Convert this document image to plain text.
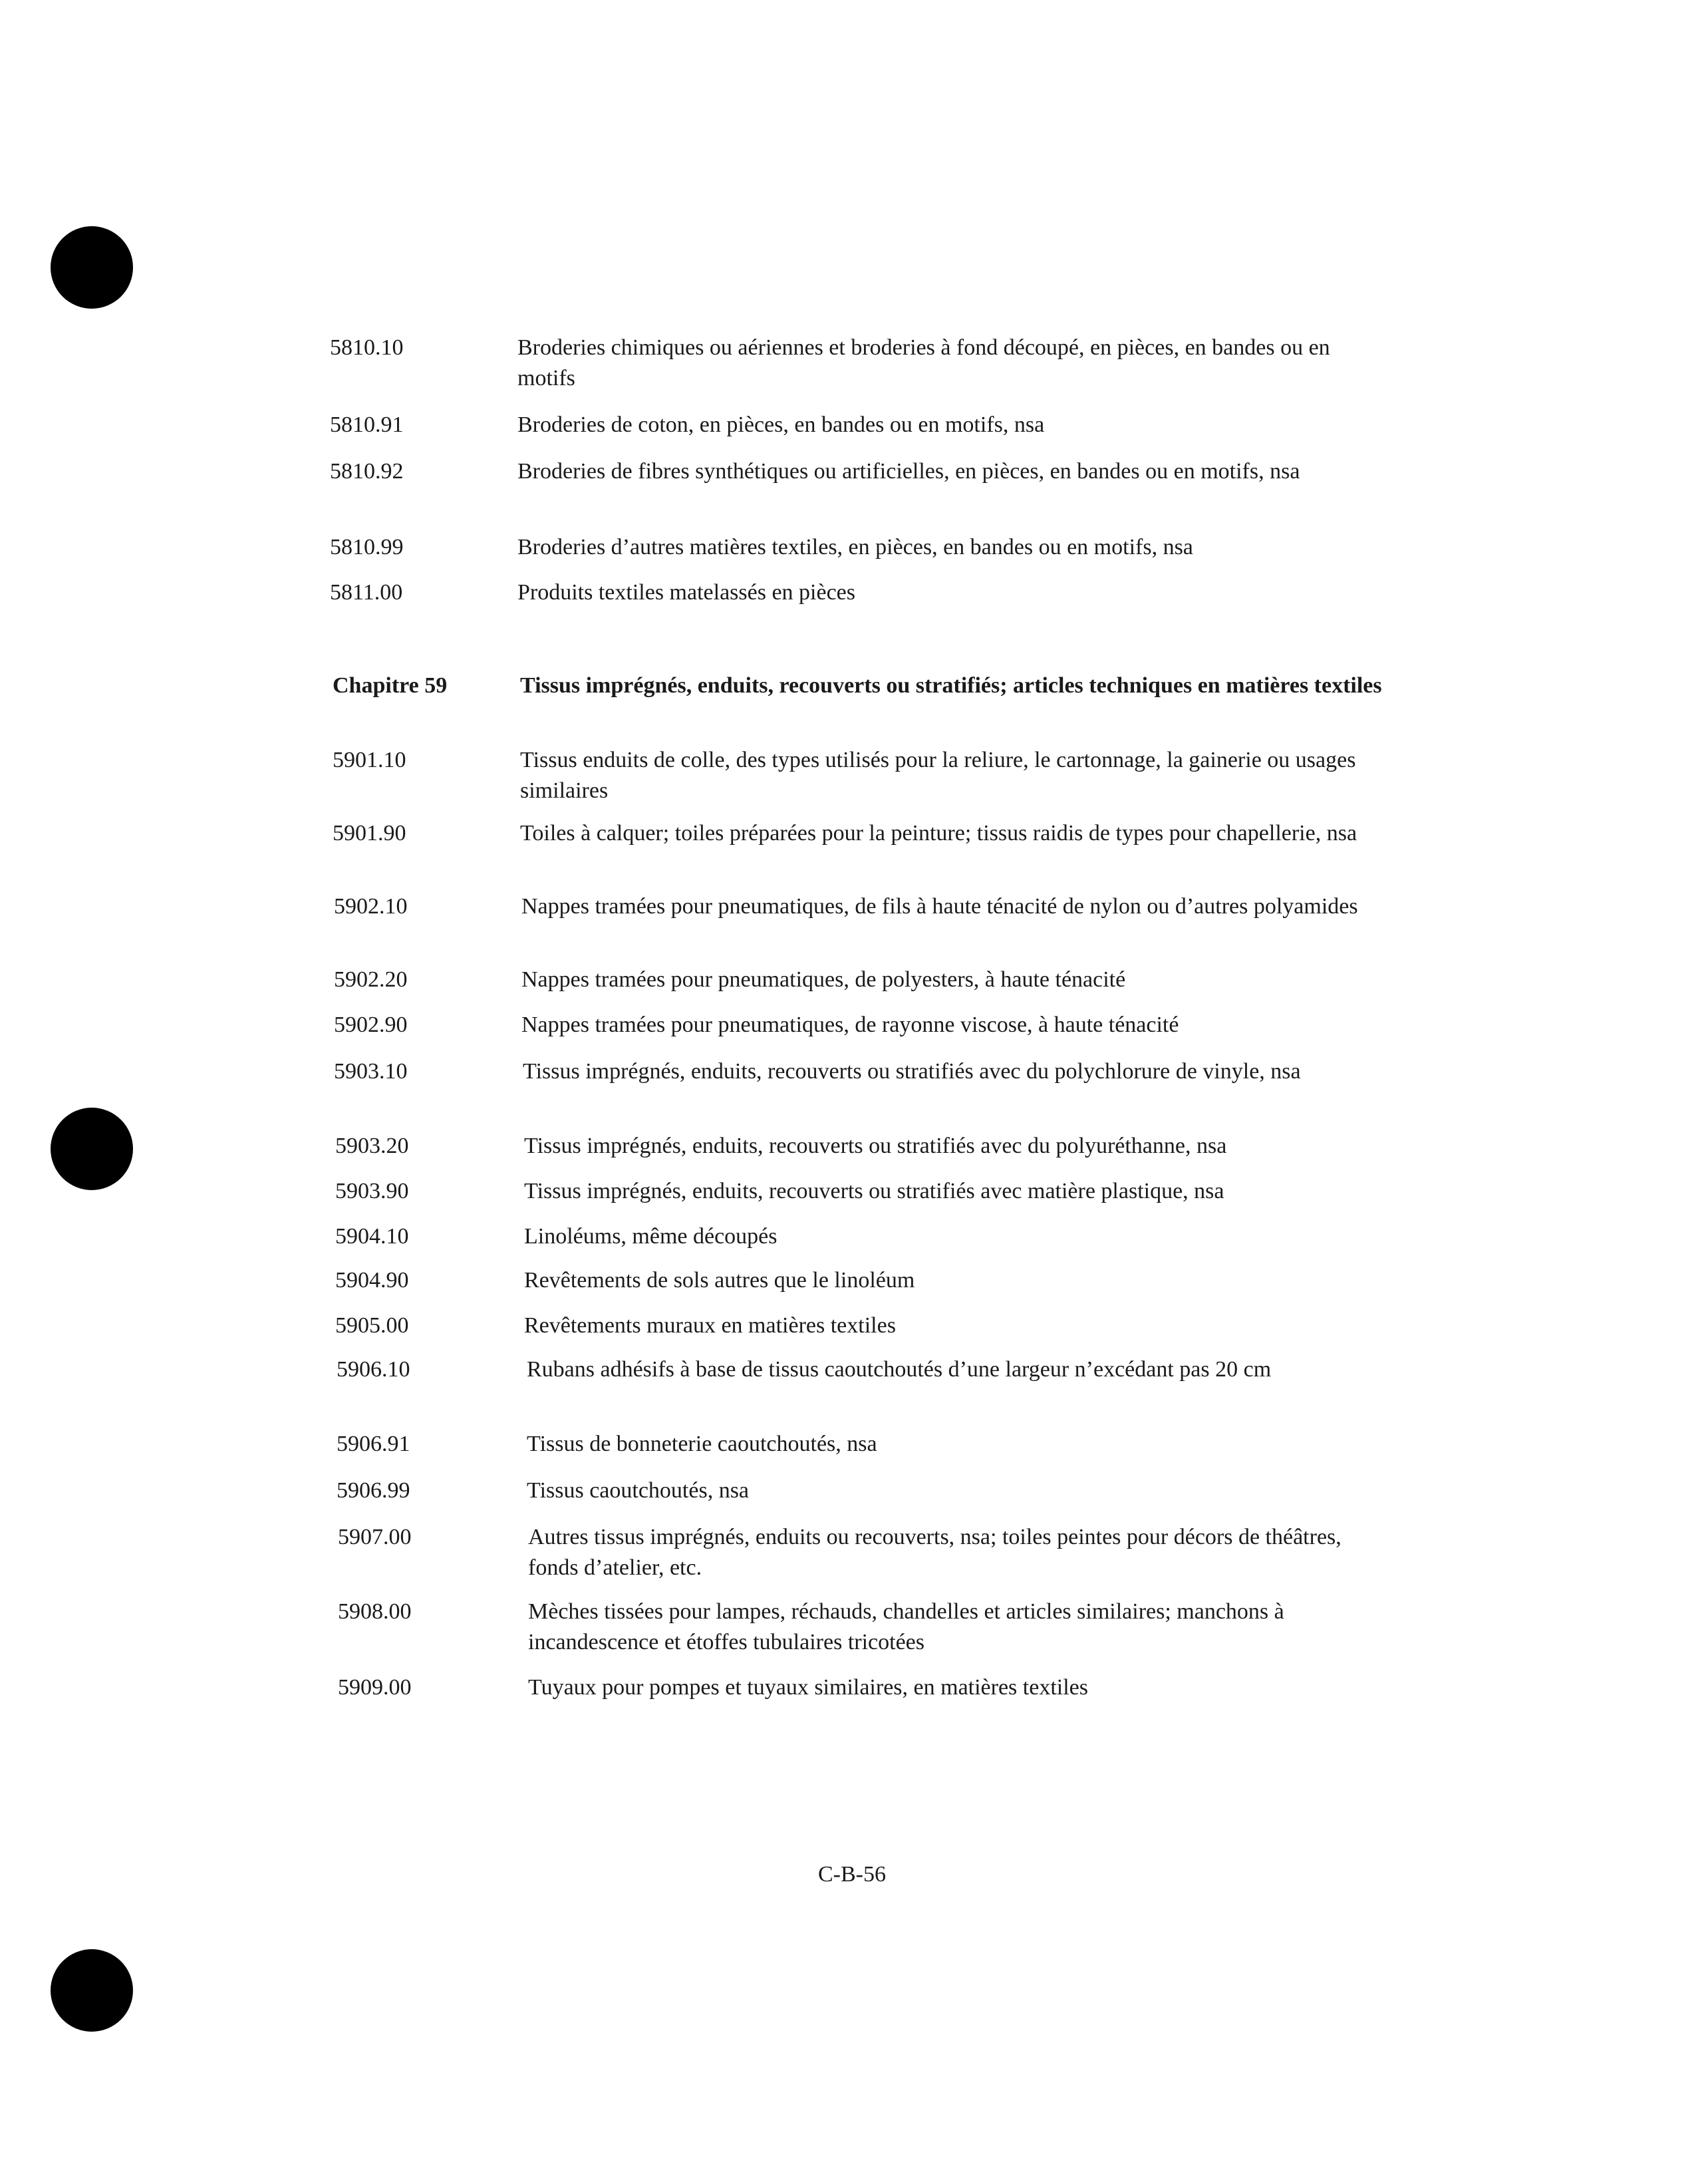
5810.10	Broderies chimiques ou aériennes et broderies à fond découpé, en pièces, en bandes ou en motifs
5810.91	Broderies de coton, en pièces, en bandes ou en motifs, nsa
5810.92	Broderies de fibres synthétiques ou artificielles, en pièces, en bandes ou en motifs, nsa
5810.99	Broderies d’autres matières textiles, en pièces, en bandes ou en motifs, nsa
5811.00	Produits textiles matelassés en pièces
Chapitre 59	Tissus imprégnés, enduits, recouverts ou stratifiés; articles techniques en matières textiles
5901.10	Tissus enduits de colle, des types utilisés pour la reliure, le cartonnage, la gainerie ou usages similaires
5901.90	Toiles à calquer; toiles préparées pour la peinture; tissus raidis de types pour chapellerie, nsa
5902.10	Nappes tramées pour pneumatiques, de fils à haute ténacité de nylon ou d’autres polyamides
5902.20	Nappes tramées pour pneumatiques, de polyesters, à haute ténacité
5902.90	Nappes tramées pour pneumatiques, de rayonne viscose, à haute ténacité
5903.10	Tissus imprégnés, enduits, recouverts ou stratifiés avec du polychlorure de vinyle, nsa
5903.20	Tissus imprégnés, enduits, recouverts ou stratifiés avec du polyuréthanne, nsa
5903.90	Tissus imprégnés, enduits, recouverts ou stratifiés avec matière plastique, nsa
5904.10	Linoléums, même découpés
5904.90	Revêtements de sols autres que le linoléum
5905.00	Revêtements muraux en matières textiles
5906.10	Rubans adhésifs à base de tissus caoutchoutés d’une largeur n’excédant pas 20 cm
5906.91	Tissus de bonneterie caoutchoutés, nsa
5906.99	Tissus caoutchoutés, nsa
5907.00	Autres tissus imprégnés, enduits ou recouverts, nsa; toiles peintes pour décors de théâtres, fonds d’atelier, etc.
5908.00	Mèches tissées pour lampes, réchauds, chandelles et articles similaires; manchons à incandescence et étoffes tubulaires tricotées
5909.00	Tuyaux pour pompes et tuyaux similaires, en matières textiles
C-B-56
